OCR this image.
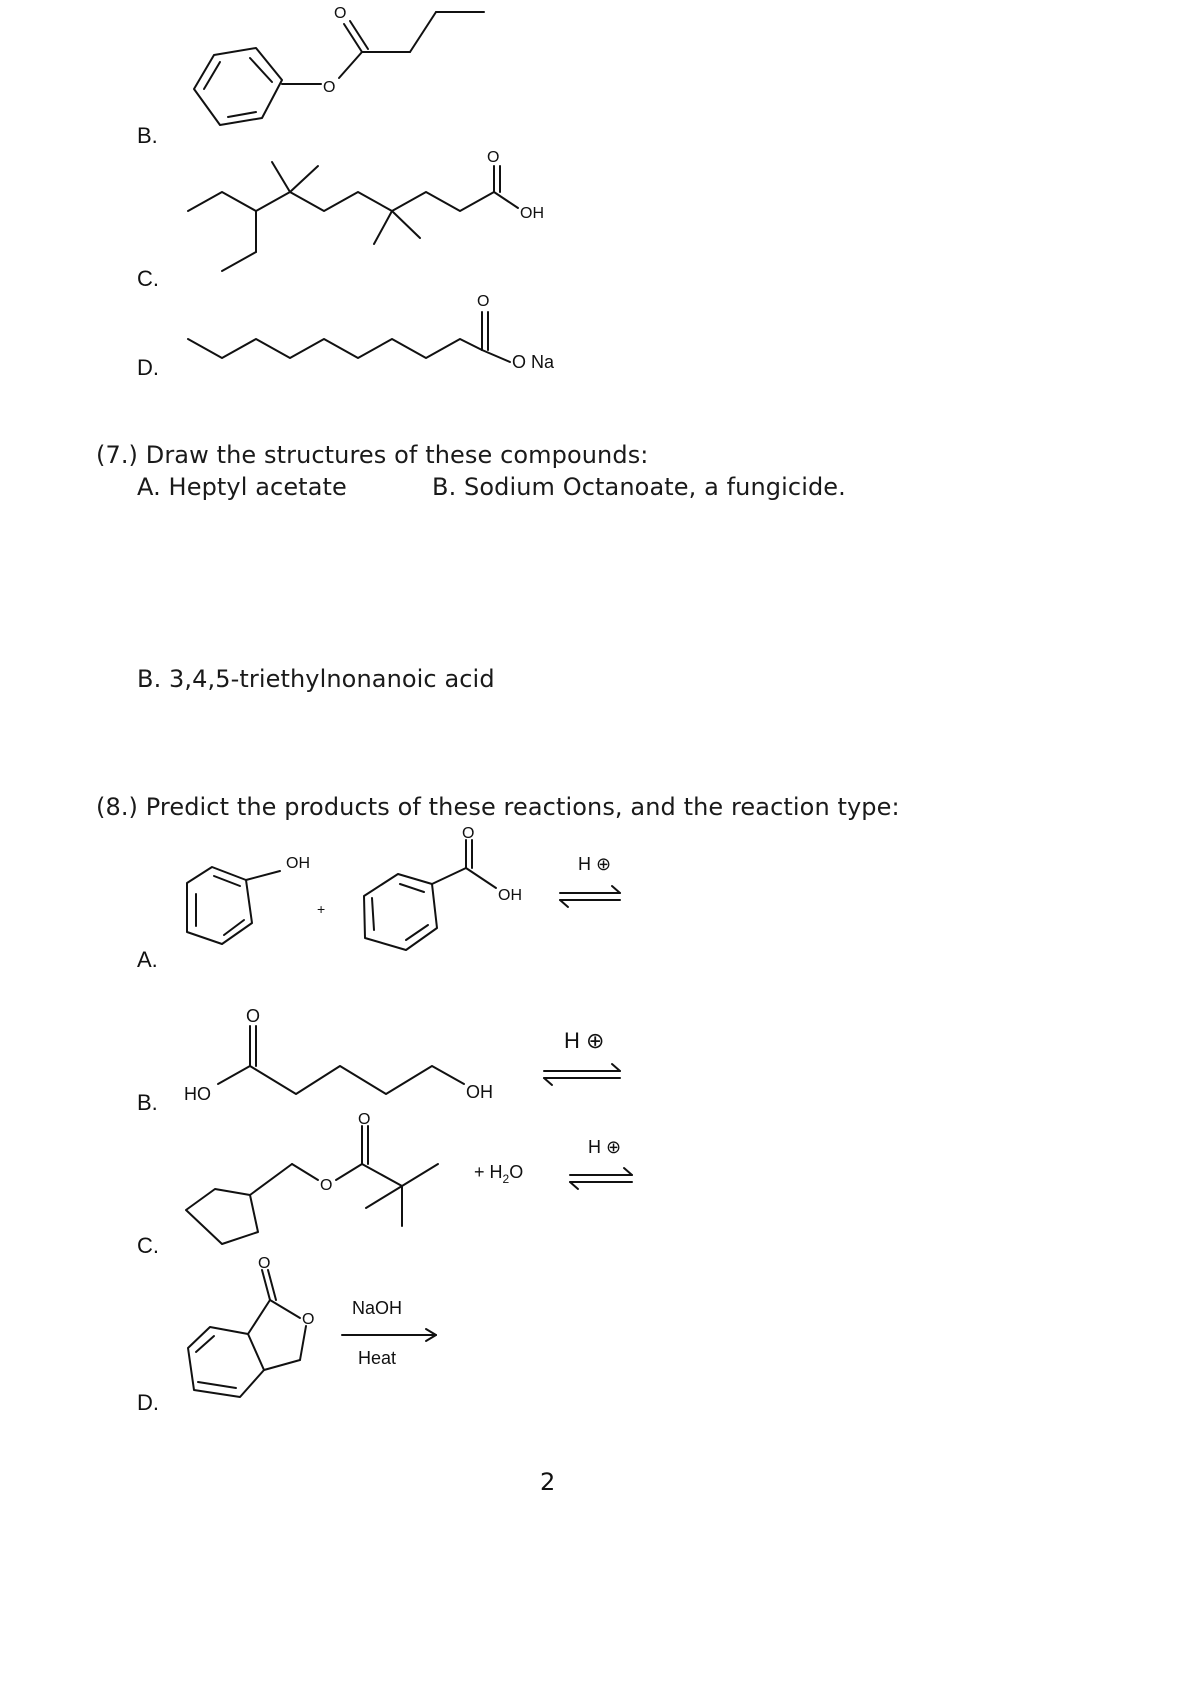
B.
C.
D.
(7.) Draw the structures of these compounds:
A. Heptyl acetate	B. Sodium Octanoate, a fungicide.
B. 3,4,5-triethylnonanoic acid
(8.) Predict the products of these reactions, and the reaction type:
A.
B.
C.
D.
2
O
O
O
OH
O
O Na
OH
+
O
OH
H ⊕
O
HO	OH
H ⊕
O
O
+ $H_2O$
H ⊕
O
O
NaOH
Heat
